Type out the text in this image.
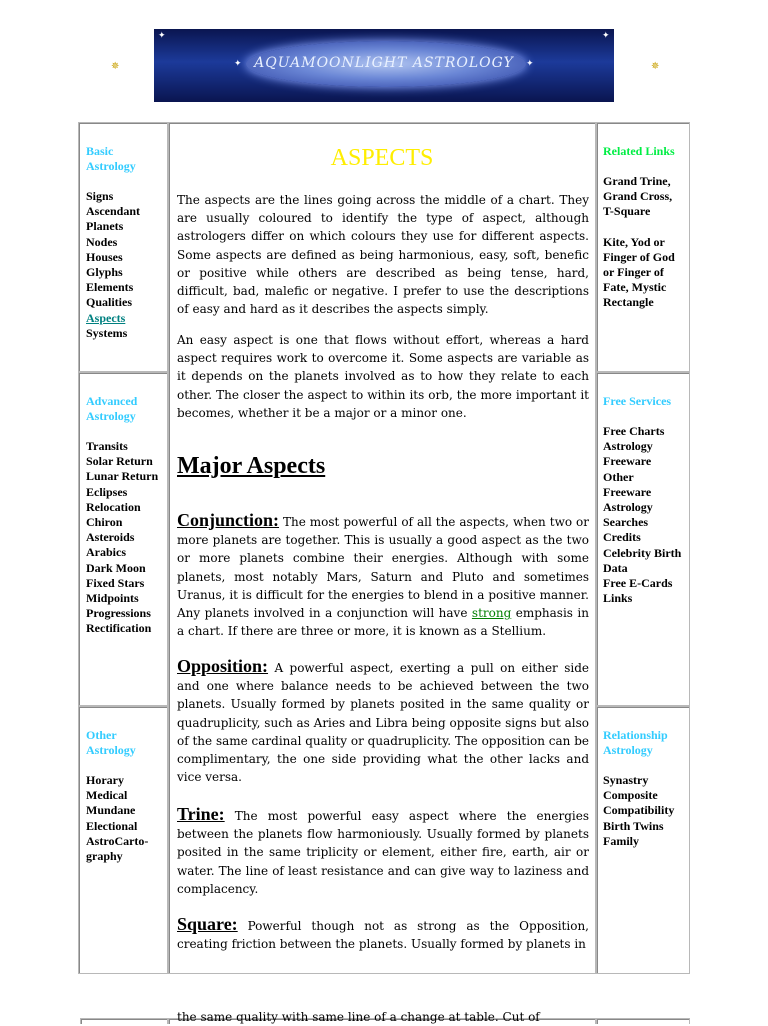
✵	✵
✦	✦
✦	✦
AQUAMOONLIGHT ASTROLOGY
Basic Astrology
Signs
Ascendant
Planets
Nodes
Houses
Glyphs
Elements
Qualities
Aspects
Systems
Advanced Astrology
Transits
Solar Return
Lunar Return
Eclipses
Relocation
Chiron
Asteroids
Arabics
Dark Moon
Fixed Stars
Midpoints
Progressions
Rectification
Other Astrology
Horary
Medical
Mundane
Electional
AstroCarto-graphy
ASPECTS

The aspects are the lines going across the middle of a chart. They are usually coloured to identify the type of aspect, although astrologers differ on which colours they use for different aspects. Some aspects are defined as being harmonious, easy, soft, benefic or positive while others are described as being tense, hard, difficult, bad, malefic or negative. I prefer to use the descriptions of easy and hard as it describes the aspects simply.

An easy aspect is one that flows without effort, whereas a hard aspect requires work to overcome it. Some aspects are variable as it depends on the planets involved as to how they relate to each other. The closer the aspect to within its orb, the more important it becomes, whether it be a major or a minor one.

Major Aspects

Conjunction: The most powerful of all the aspects, when two or more planets are together. This is usually a good aspect as the two or more planets combine their energies. Although with some planets, most notably Mars, Saturn and Pluto and sometimes Uranus, it is difficult for the energies to blend in a positive manner. Any planets involved in a conjunction will have strong emphasis in a chart. If there are three or more, it is known as a Stellium.

Opposition: A powerful aspect, exerting a pull on either side and one where balance needs to be achieved between the two planets. Usually formed by planets posited in the same quality or quadruplicity, such as Aries and Libra being opposite signs but also of the same cardinal quality or quadruplicity. The opposition can be complimentary, the one side providing what the other lacks and vice versa.

Trine: The most powerful easy aspect where the energies between the planets flow harmoniously. Usually formed by planets posited in the same triplicity or element, either fire, earth, air or water. The line of least resistance and can give way to laziness and complacency.

Square: Powerful though not as strong as the Opposition, creating friction between the planets. Usually formed by planets in

Related Links
Grand Trine, Grand Cross, T-Square
Kite, Yod or Finger of God or Finger of Fate, Mystic Rectangle
Free Services
Free Charts
Astrology Freeware
Other Freeware
Astrology Searches
Credits
Celebrity Birth Data
Free E-Cards
Links
Relationship Astrology
Synastry
Composite
Compatibility
Birth Twins
Family
the same quality with same line of a change at table. Cut of
